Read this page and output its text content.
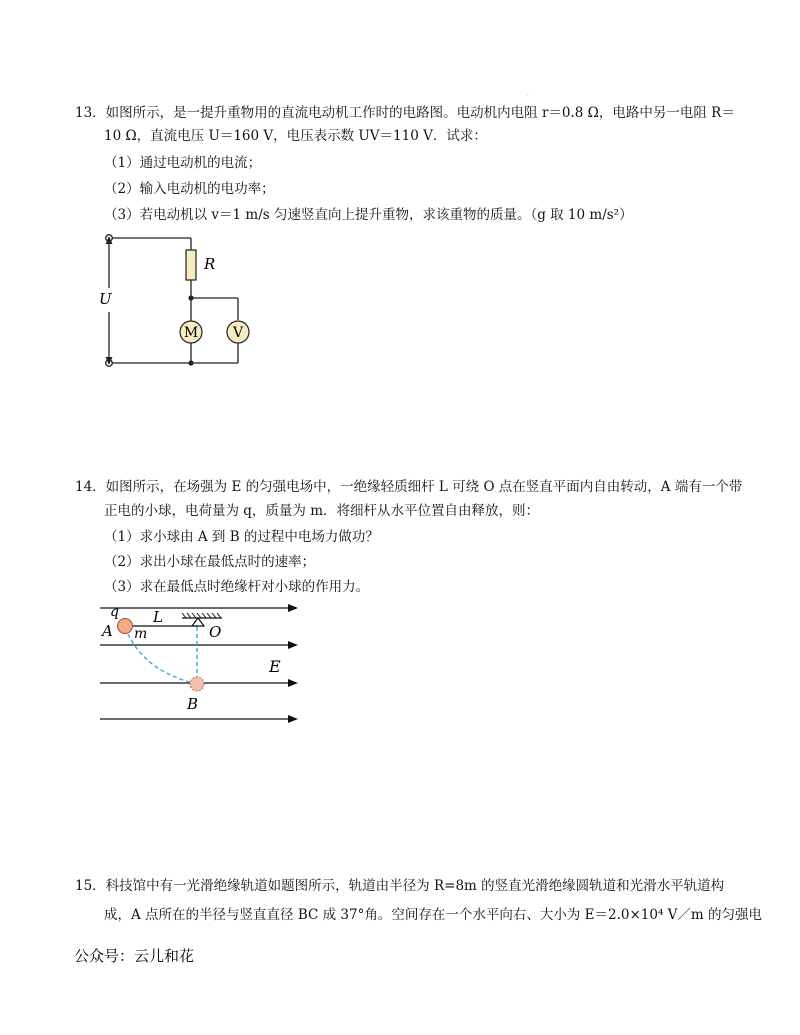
.
13．如图所示，是一提升重物用的直流电动机工作时的电路图。电动机内电阻 r＝0.8 Ω，电路中另一电阻 R＝
10 Ω，直流电压 U＝160 V，电压表示数 UV＝110 V．试求：
（1）通过电动机的电流；
（2）输入电动机的电功率；
（3）若电动机以 v＝1 m/s 匀速竖直向上提升重物，求该重物的质量。（g 取 10 m/s²）
M V
R
U
14．如图所示，在场强为 E 的匀强电场中，一绝缘轻质细杆 L 可绕 O 点在竖直平面内自由转动，A 端有一个带
正电的小球，电荷量为 q，质量为 m．将细杆从水平位置自由释放，则：
（1）求小球由 A 到 B 的过程中电场力做功？
（2）求出小球在最低点时的速率；
（3）求在最低点时绝缘杆对小球的作用力。
q L
A m	O
E
B
15．科技馆中有一光滑绝缘轨道如题图所示，轨道由半径为 R=8m 的竖直光滑绝缘圆轨道和光滑水平轨道构
成，A 点所在的半径与竖直直径 BC 成 37°角。空间存在一个水平向右、大小为 E＝2.0×10⁴ V／m 的匀强电
公众号：云儿和花
